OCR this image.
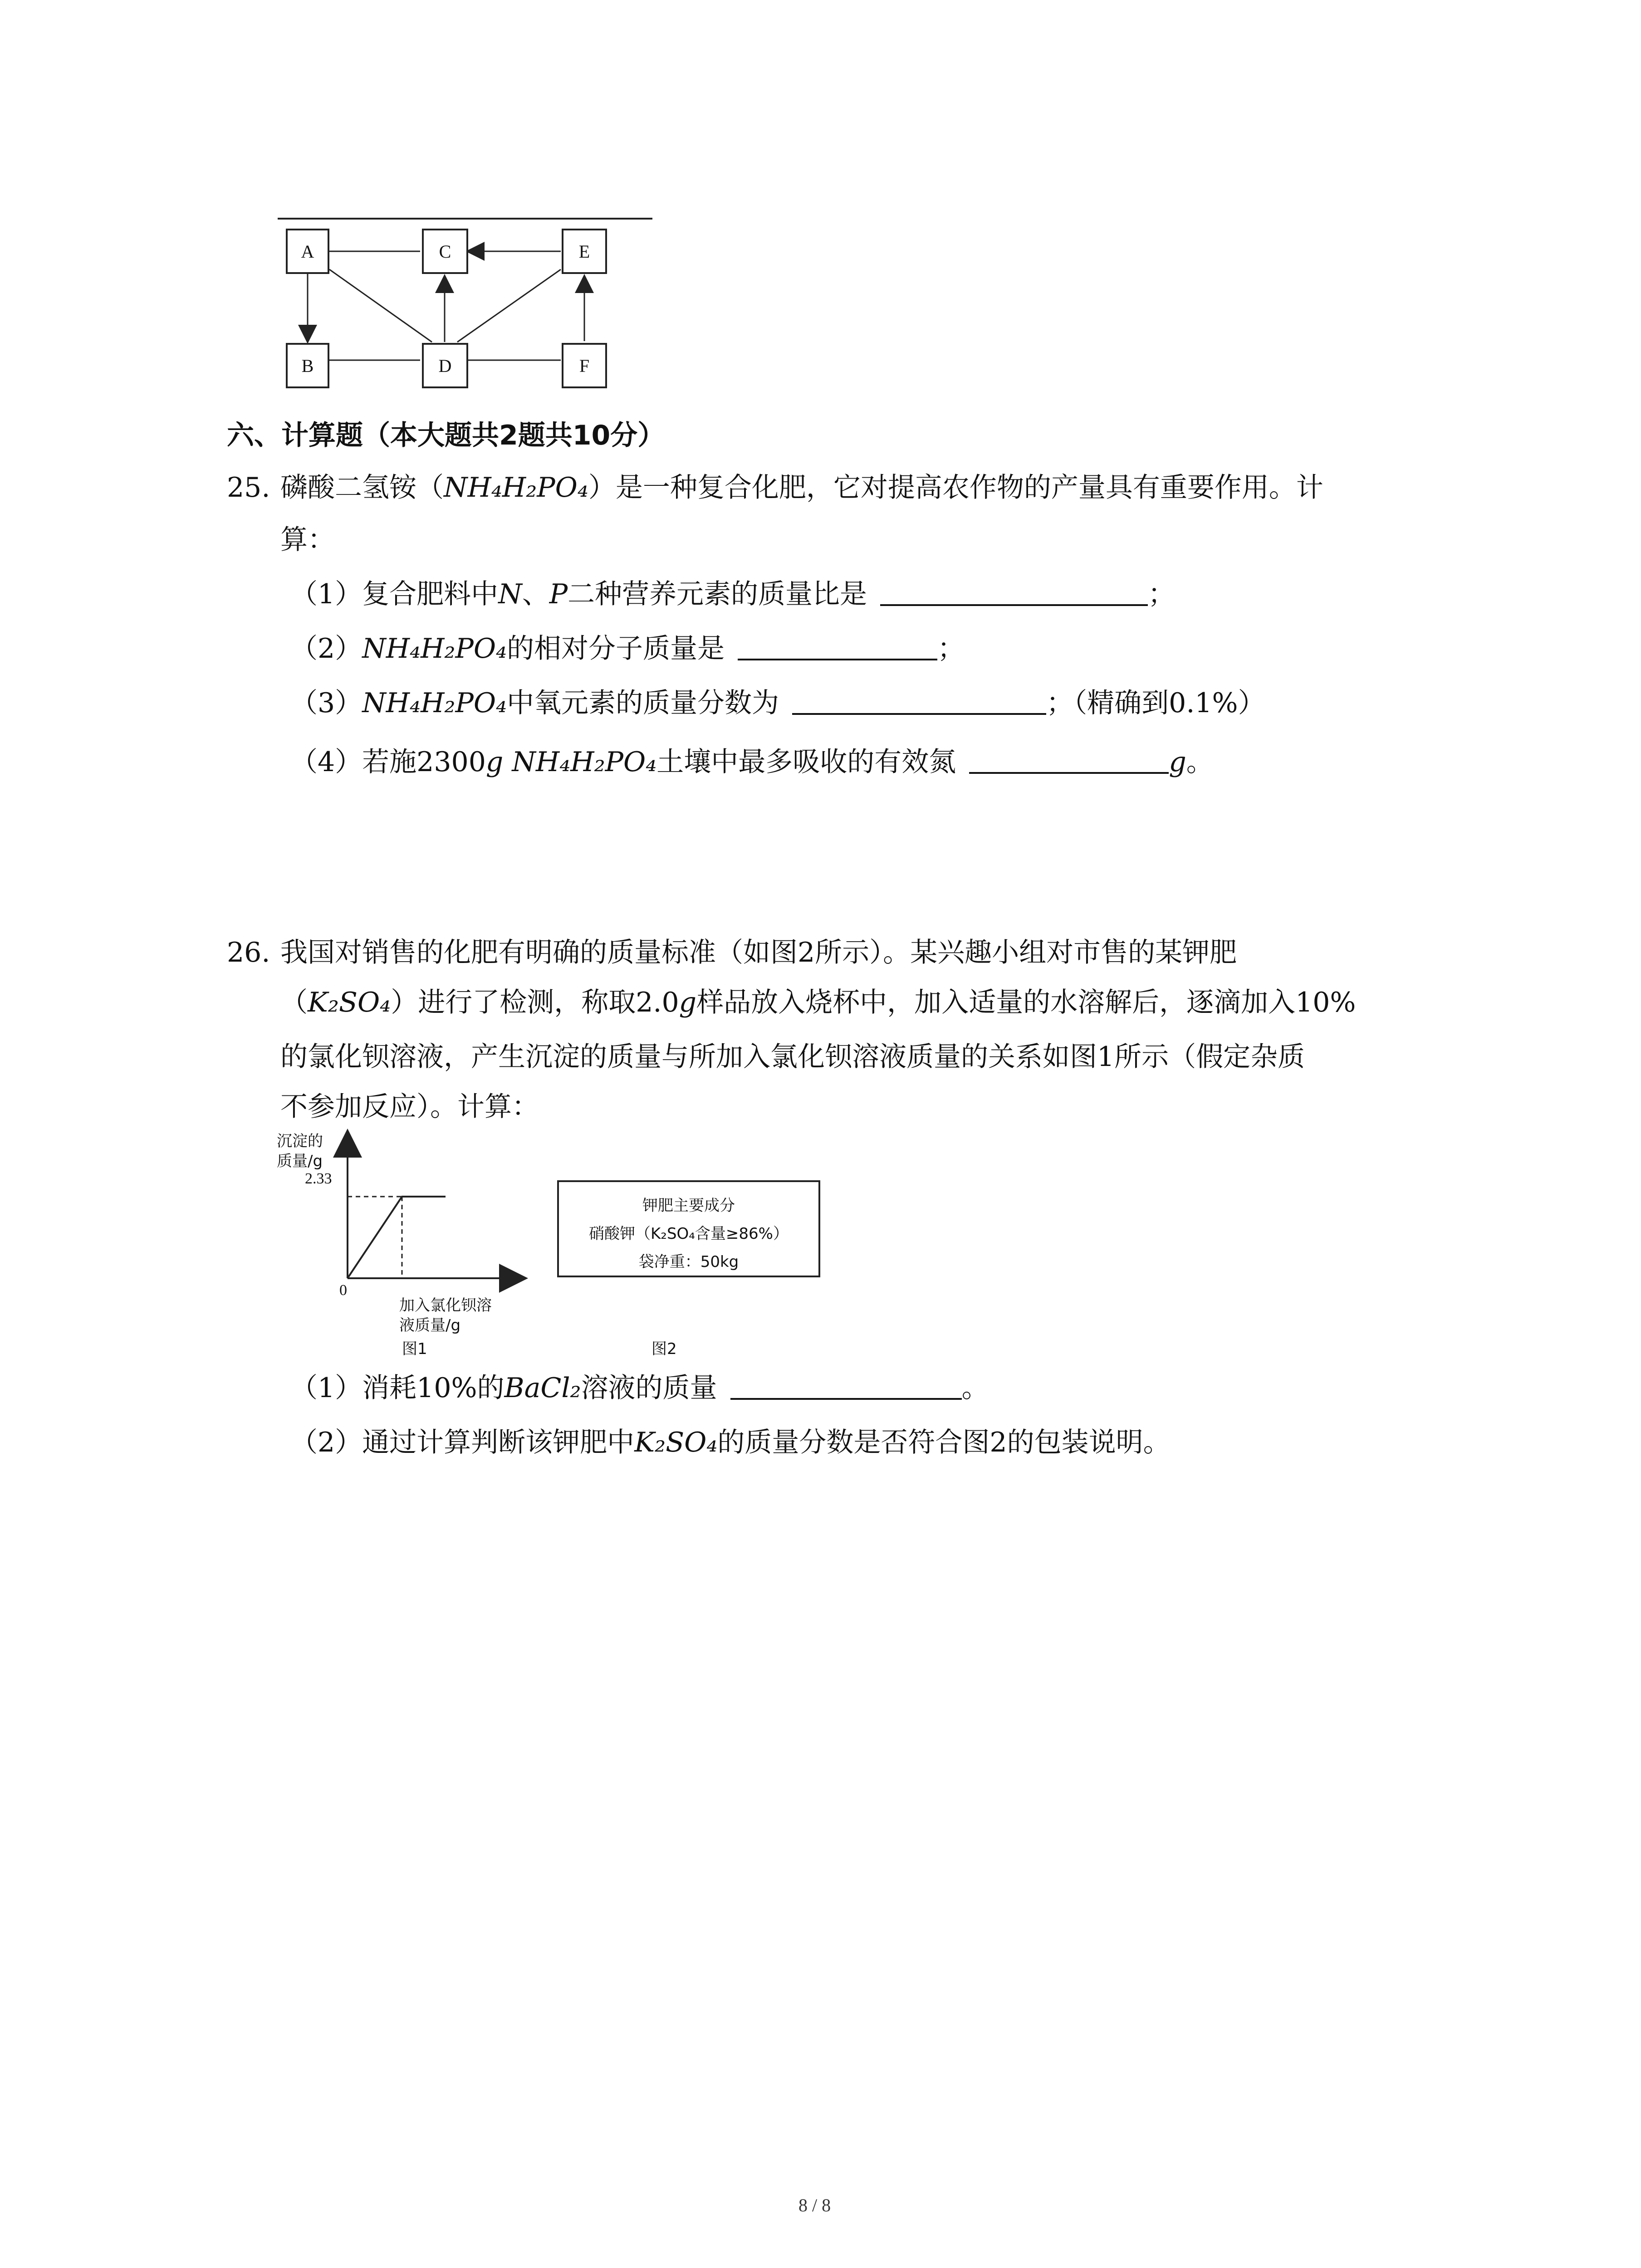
A	C	E
B	D	F
六、计算题（本大题共2题共10分）
25. 磷酸二氢铵（NH₄H₂PO₄）是一种复合化肥，它对提高农作物的产量具有重要作用。计
算：
（1）复合肥料中N、P二种营养元素的质量比是	；
（2）NH₄H₂PO₄的相对分子质量是	；
（3）NH₄H₂PO₄中氧元素的质量分数为	；（精确到0.1%）
（4）若施2300g NH₄H₂PO₄土壤中最多吸收的有效氮	g。
26. 我国对销售的化肥有明确的质量标准（如图2所示）。某兴趣小组对市售的某钾肥
（K₂SO₄）进行了检测，称取2.0g样品放入烧杯中，加入适量的水溶解后，逐滴加入10%
的氯化钡溶液，产生沉淀的质量与所加入氯化钡溶液质量的关系如图1所示（假定杂质
不参加反应）。计算：
沉淀的
质量/g
2.33
0
加入氯化钡溶
液质量/g
图1
钾肥主要成分
硝酸钾（K₂SO₄含量≥86%）
袋净重：50kg
图2
（1）消耗10%的BaCl₂溶液的质量	。
（2）通过计算判断该钾肥中K₂SO₄的质量分数是否符合图2的包装说明。
8 / 8
